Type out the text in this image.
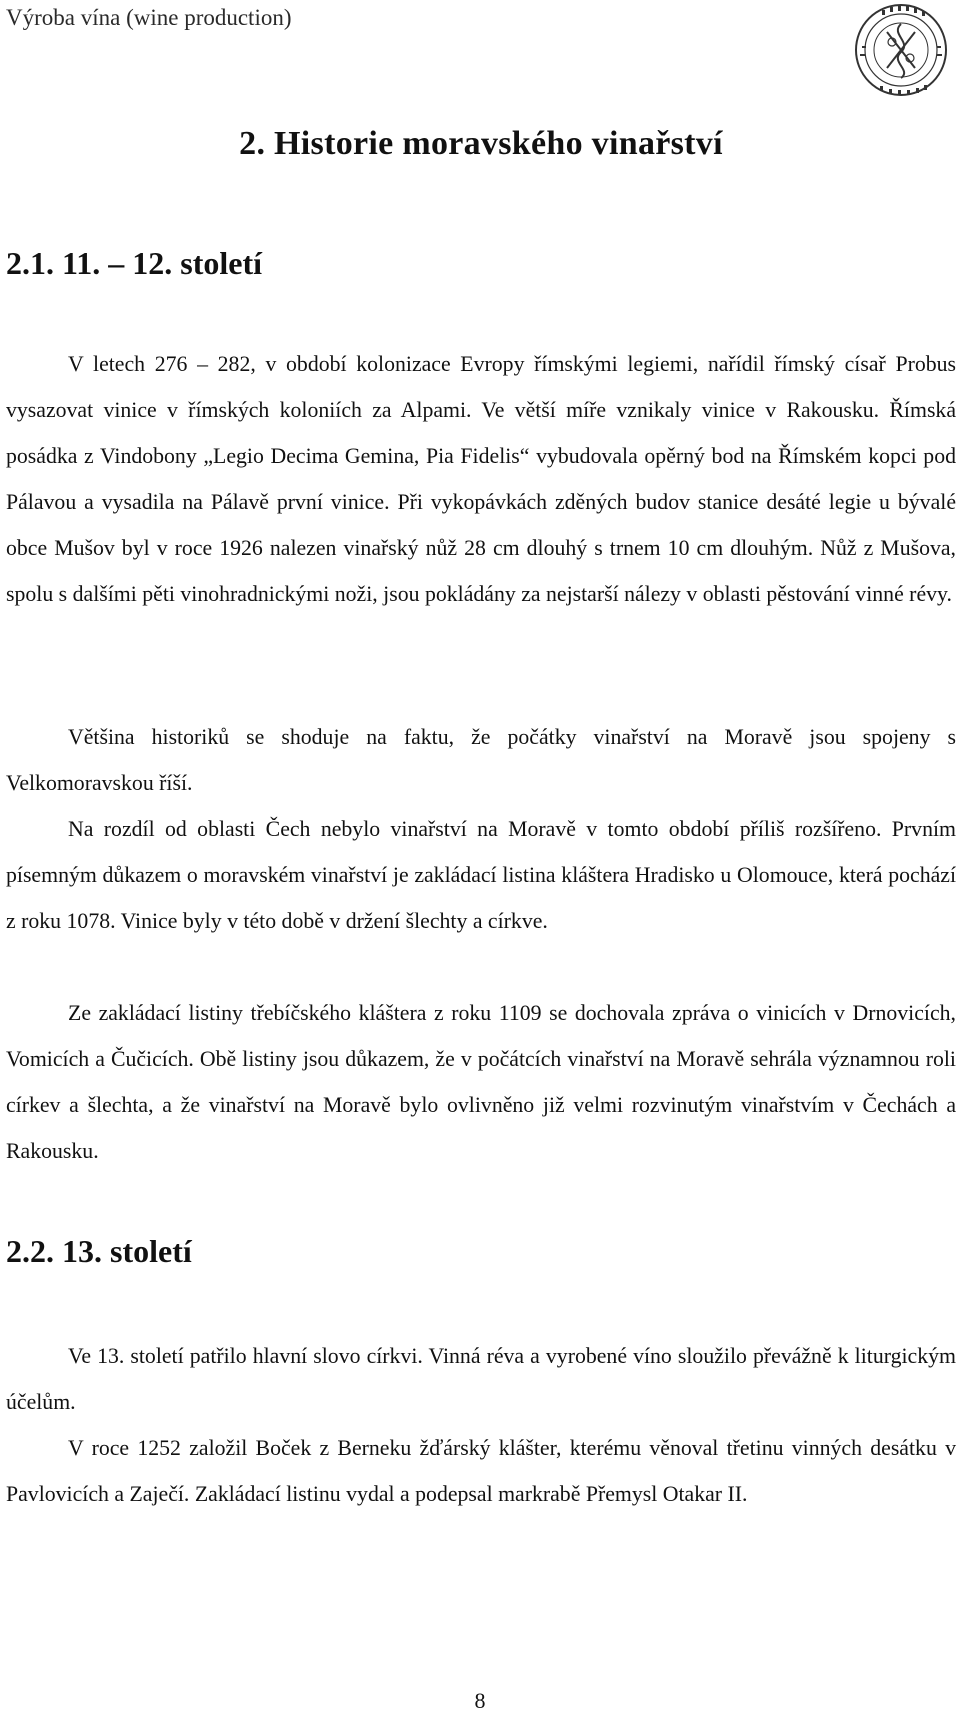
Výroba vína (wine production)
2. Historie moravského vinařství
2.1. 11. – 12. století

V letech 276 – 282, v období kolonizace Evropy římskými legiemi, nařídil římský císař Probus vysazovat vinice v římských koloniích za Alpami. Ve větší míře vznikaly vinice v Rakousku. Římská posádka z Vindobony „Legio Decima Gemina, Pia Fidelis“ vybudovala opěrný bod na Římském kopci pod Pálavou a vysadila na Pálavě první vinice. Při vykopávkách zděných budov stanice desáté legie u bývalé obce Mušov byl v roce 1926 nalezen vinařský nůž 28 cm dlouhý s trnem 10 cm dlouhým. Nůž z Mušova, spolu s dalšími pěti vinohradnickými noži, jsou pokládány za nejstarší nálezy v oblasti pěstování vinné révy.

Většina historiků se shoduje na faktu, že počátky vinařství na Moravě jsou spojeny s Velkomoravskou říší.

Na rozdíl od oblasti Čech nebylo vinařství na Moravě v tomto období příliš rozšířeno. Prvním písemným důkazem o moravském vinařství je zakládací listina kláštera Hradisko u Olomouce, která pochází z roku 1078. Vinice byly v této době v držení šlechty a církve.

Ze zakládací listiny třebíčského kláštera z roku 1109 se dochovala zpráva o vinicích v Drnovicích, Vomicích a Čučicích. Obě listiny jsou důkazem, že v počátcích vinařství na Moravě sehrála významnou roli církev a šlechta, a že vinařství na Moravě bylo ovlivněno již velmi rozvinutým vinařstvím v Čechách a Rakousku.

2.2. 13. století

Ve 13. století patřilo hlavní slovo církvi. Vinná réva a vyrobené víno sloužilo převážně k liturgickým účelům.

V roce 1252 založil Boček z Berneku žďárský klášter, kterému věnoval třetinu vinných desátku v Pavlovicích a Zaječí. Zakládací listinu vydal a podepsal markrabě Přemysl Otakar II.

8
